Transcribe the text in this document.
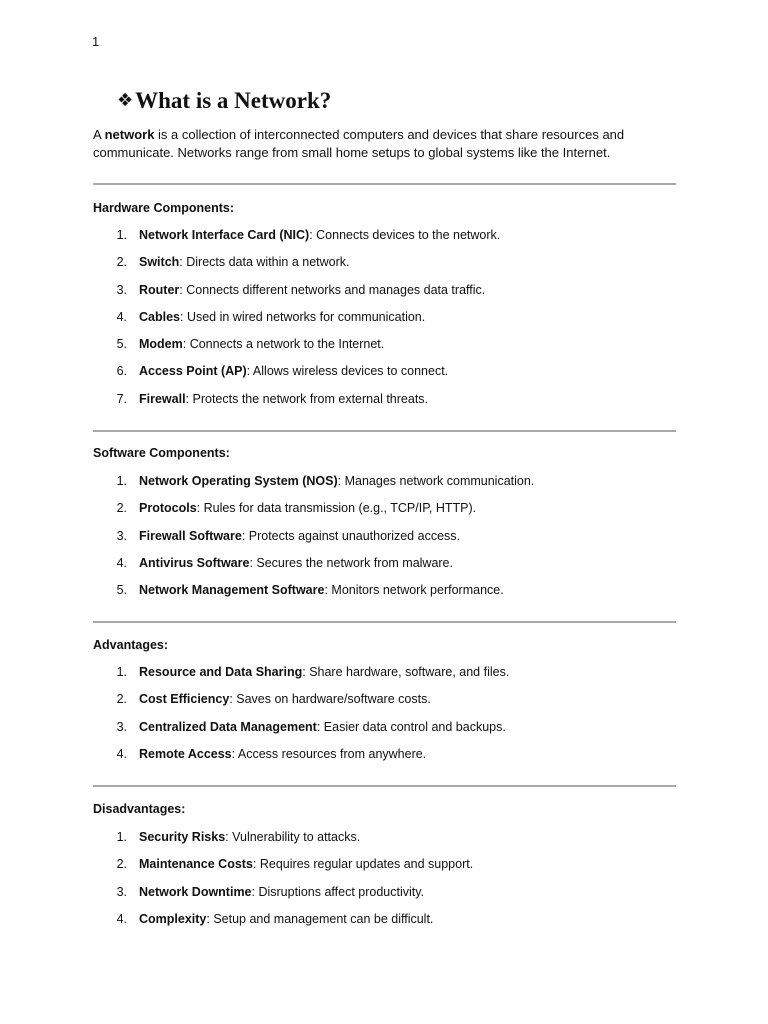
1
❖What is a Network?
A network is a collection of interconnected computers and devices that share resources and communicate. Networks range from small home setups to global systems like the Internet.
Hardware Components:
1. Network Interface Card (NIC): Connects devices to the network.
2. Switch: Directs data within a network.
3. Router: Connects different networks and manages data traffic.
4. Cables: Used in wired networks for communication.
5. Modem: Connects a network to the Internet.
6. Access Point (AP): Allows wireless devices to connect.
7. Firewall: Protects the network from external threats.
Software Components:
1. Network Operating System (NOS): Manages network communication.
2. Protocols: Rules for data transmission (e.g., TCP/IP, HTTP).
3. Firewall Software: Protects against unauthorized access.
4. Antivirus Software: Secures the network from malware.
5. Network Management Software: Monitors network performance.
Advantages:
1. Resource and Data Sharing: Share hardware, software, and files.
2. Cost Efficiency: Saves on hardware/software costs.
3. Centralized Data Management: Easier data control and backups.
4. Remote Access: Access resources from anywhere.
Disadvantages:
1. Security Risks: Vulnerability to attacks.
2. Maintenance Costs: Requires regular updates and support.
3. Network Downtime: Disruptions affect productivity.
4. Complexity: Setup and management can be difficult.
